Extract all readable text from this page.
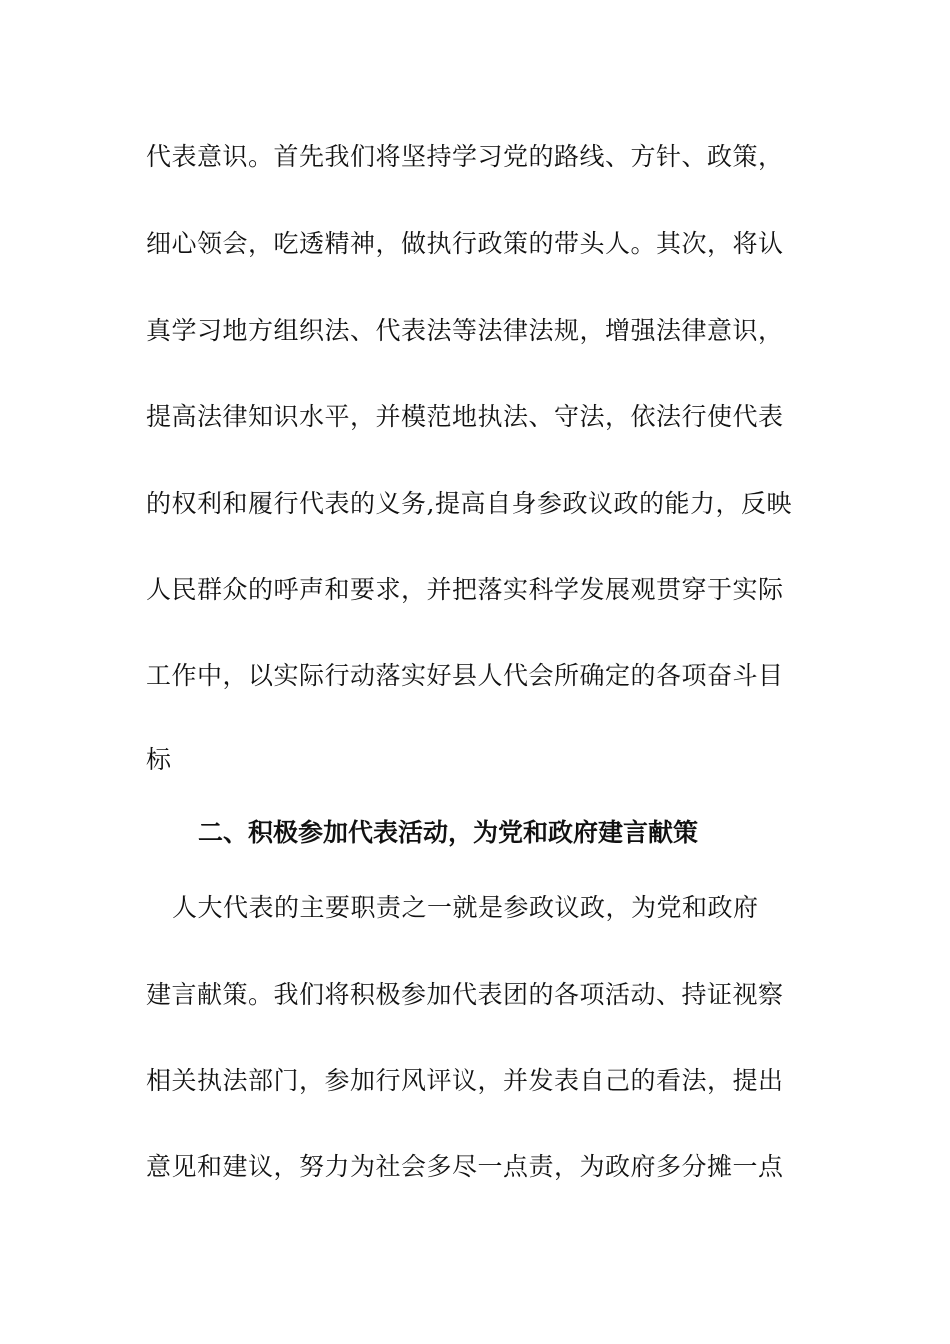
代表意识。首先我们将坚持学习党的路线、方针、政策，
细心领会，吃透精神，做执行政策的带头人。其次，将认
真学习地方组织法、代表法等法律法规，增强法律意识，
提高法律知识水平，并模范地执法、守法，依法行使代表
的权利和履行代表的义务,提高自身参政议政的能力，反映
人民群众的呼声和要求，并把落实科学发展观贯穿于实际
工作中，以实际行动落实好县人代会所确定的各项奋斗目
标
二、积极参加代表活动，为党和政府建言献策
人大代表的主要职责之一就是参政议政，为党和政府
建言献策。我们将积极参加代表团的各项活动、持证视察
相关执法部门，参加行风评议，并发表自己的看法，提出
意见和建议，努力为社会多尽一点责，为政府多分摊一点
